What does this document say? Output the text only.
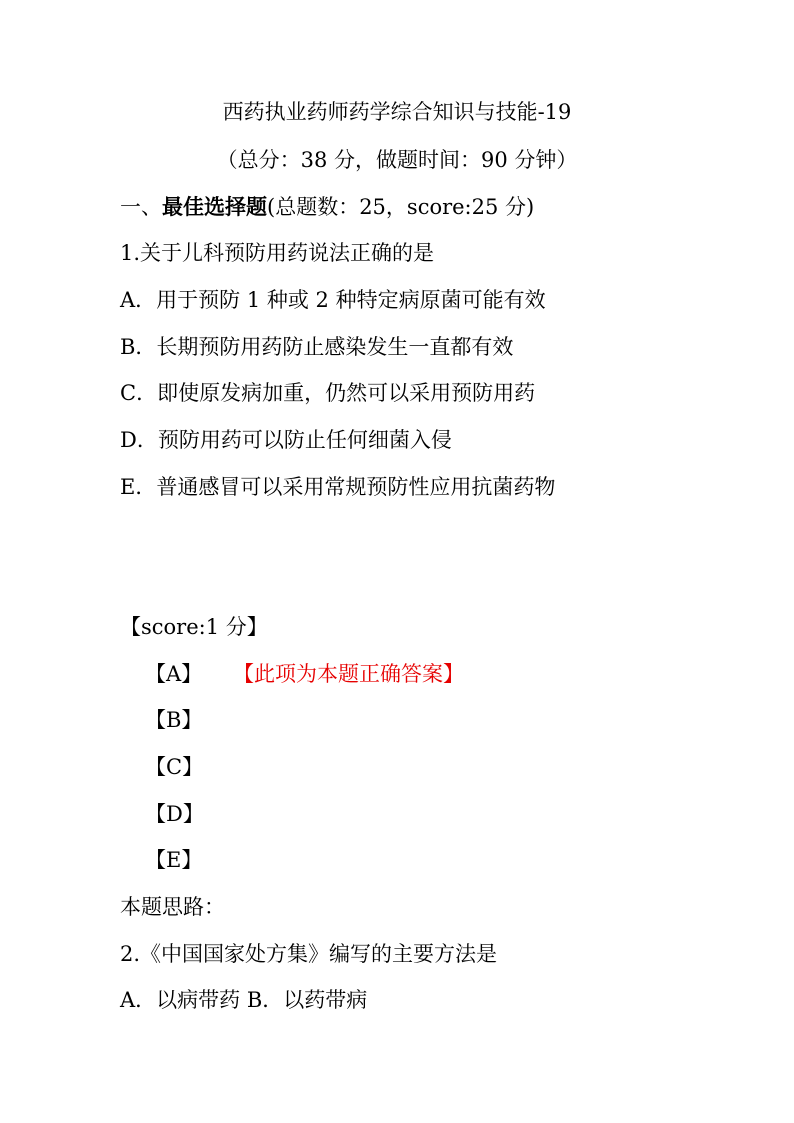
西药执业药师药学综合知识与技能-19
（总分：38 分，做题时间：90 分钟）
一、最佳选择题(总题数：25，score:25 分)
1.关于儿科预防用药说法正确的是
A．用于预防 1 种或 2 种特定病原菌可能有效
B．长期预防用药防止感染发生一直都有效
C．即使原发病加重，仍然可以采用预防用药
D．预防用药可以防止任何细菌入侵
E．普通感冒可以采用常规预防性应用抗菌药物
【score:1 分】
【A】 【此项为本题正确答案】
【B】
【C】
【D】
【E】
本题思路：
2.《中国国家处方集》编写的主要方法是
A．以病带药 B．以药带病
